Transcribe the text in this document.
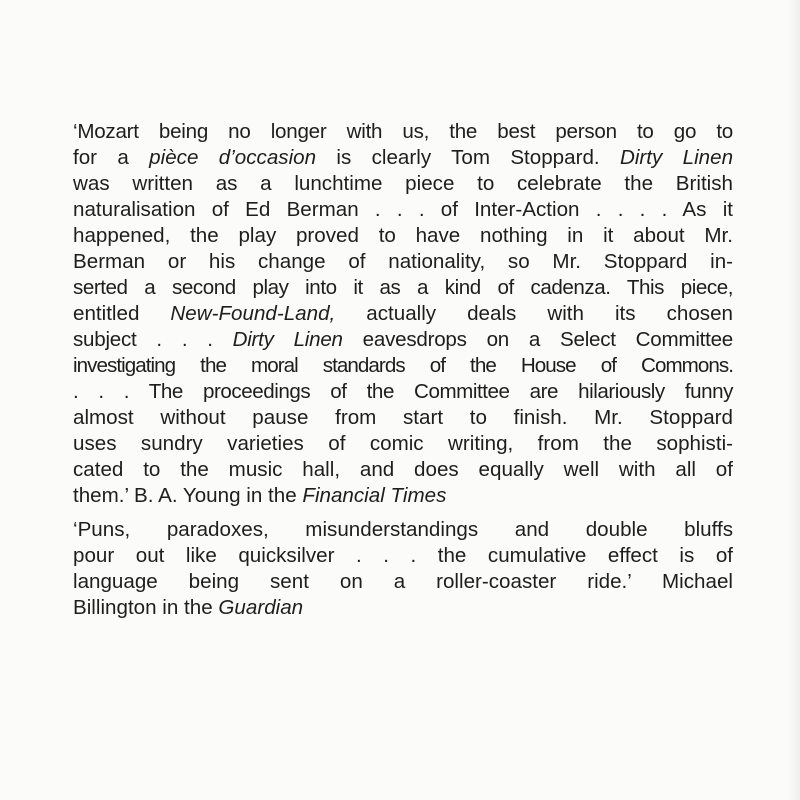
‘Mozart being no longer with us, the best person to go to
for a pièce d’occasion is clearly Tom Stoppard. Dirty Linen
was written as a lunchtime piece to celebrate the British
naturalisation of Ed Berman . . . of Inter-Action . . . . As it
happened, the play proved to have nothing in it about Mr.
Berman or his change of nationality, so Mr. Stoppard in-
serted a second play into it as a kind of cadenza. This piece,
entitled New-Found-Land, actually deals with its chosen
subject . . . Dirty Linen eavesdrops on a Select Committee
investigating the moral standards of the House of Commons.
. . . The proceedings of the Committee are hilariously funny
almost without pause from start to finish. Mr. Stoppard
uses sundry varieties of comic writing, from the sophisti-
cated to the music hall, and does equally well with all of
them.’ B. A. Young in the Financial Times

‘Puns, paradoxes, misunderstandings and double bluffs
pour out like quicksilver . . . the cumulative effect is of
language being sent on a roller-coaster ride.’ Michael
Billington in the Guardian
